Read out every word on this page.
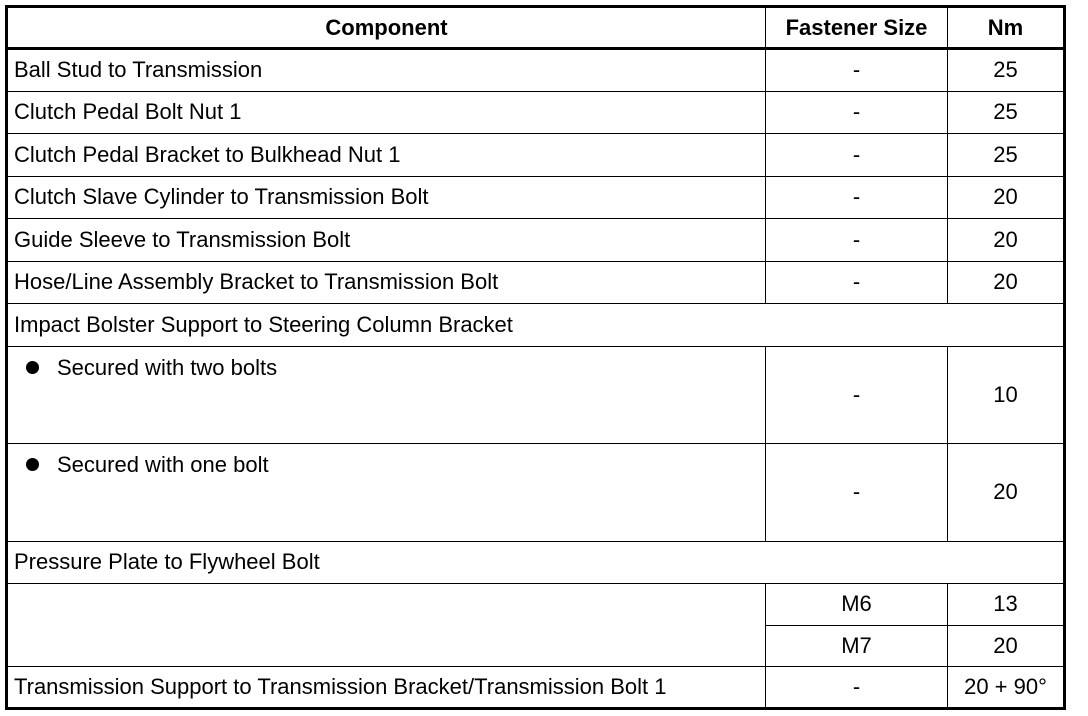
Component	Fastener Size	Nm
Ball Stud to Transmission	-	25
Clutch Pedal Bolt Nut 1	-	25
Clutch Pedal Bracket to Bulkhead Nut 1	-	25
Clutch Slave Cylinder to Transmission Bolt	-	20
Guide Sleeve to Transmission Bolt	-	20
Hose/Line Assembly Bracket to Transmission Bolt	-	20
Impact Bolster Support to Steering Column Bracket		
Secured with two bolts	-	10
Secured with one bolt	-	20
Pressure Plate to Flywheel Bolt		
	M6	13
	M7	20
Transmission Support to Transmission Bracket/Transmission Bolt 1	-	20 + 90°
